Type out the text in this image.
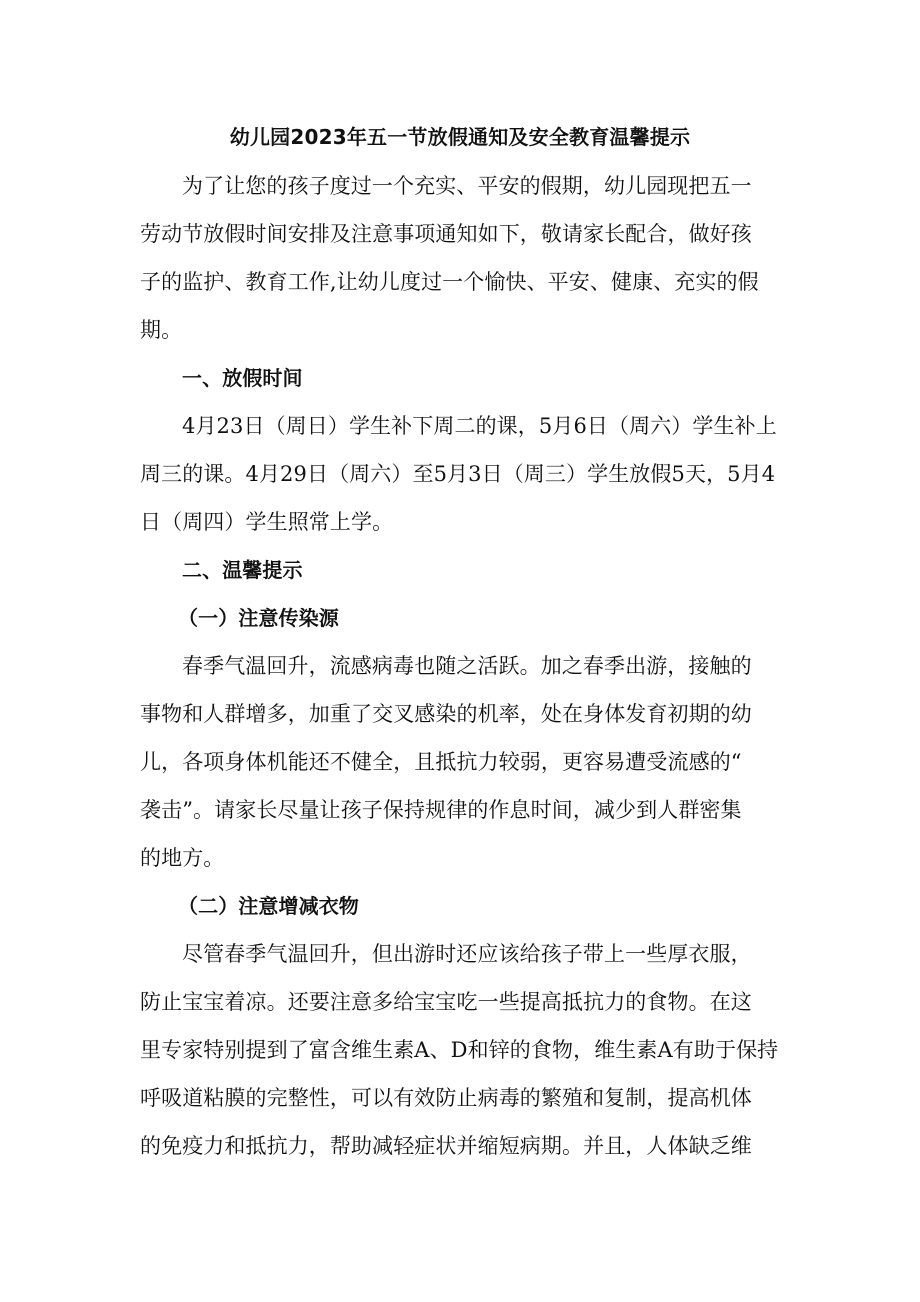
幼儿园2023年五一节放假通知及安全教育温馨提示
为了让您的孩子度过一个充实、平安的假期，幼儿园现把五一
劳动节放假时间安排及注意事项通知如下，敬请家长配合，做好孩
子的监护、教育工作,让幼儿度过一个愉快、平安、健康、充实的假
期。
一、放假时间
4月23日（周日）学生补下周二的课，5月6日（周六）学生补上
周三的课。4月29日（周六）至5月3日（周三）学生放假5天，5月4
日（周四）学生照常上学。
二、温馨提示
（一）注意传染源
春季气温回升，流感病毒也随之活跃。加之春季出游，接触的
事物和人群增多，加重了交叉感染的机率，处在身体发育初期的幼
儿，各项身体机能还不健全，且抵抗力较弱，更容易遭受流感的“
袭击”。请家长尽量让孩子保持规律的作息时间，减少到人群密集
的地方。
（二）注意增减衣物
尽管春季气温回升，但出游时还应该给孩子带上一些厚衣服，
防止宝宝着凉。还要注意多给宝宝吃一些提高抵抗力的食物。在这
里专家特别提到了富含维生素A、D和锌的食物，维生素A有助于保持
呼吸道粘膜的完整性，可以有效防止病毒的繁殖和复制，提高机体
的免疫力和抵抗力，帮助减轻症状并缩短病期。并且，人体缺乏维
